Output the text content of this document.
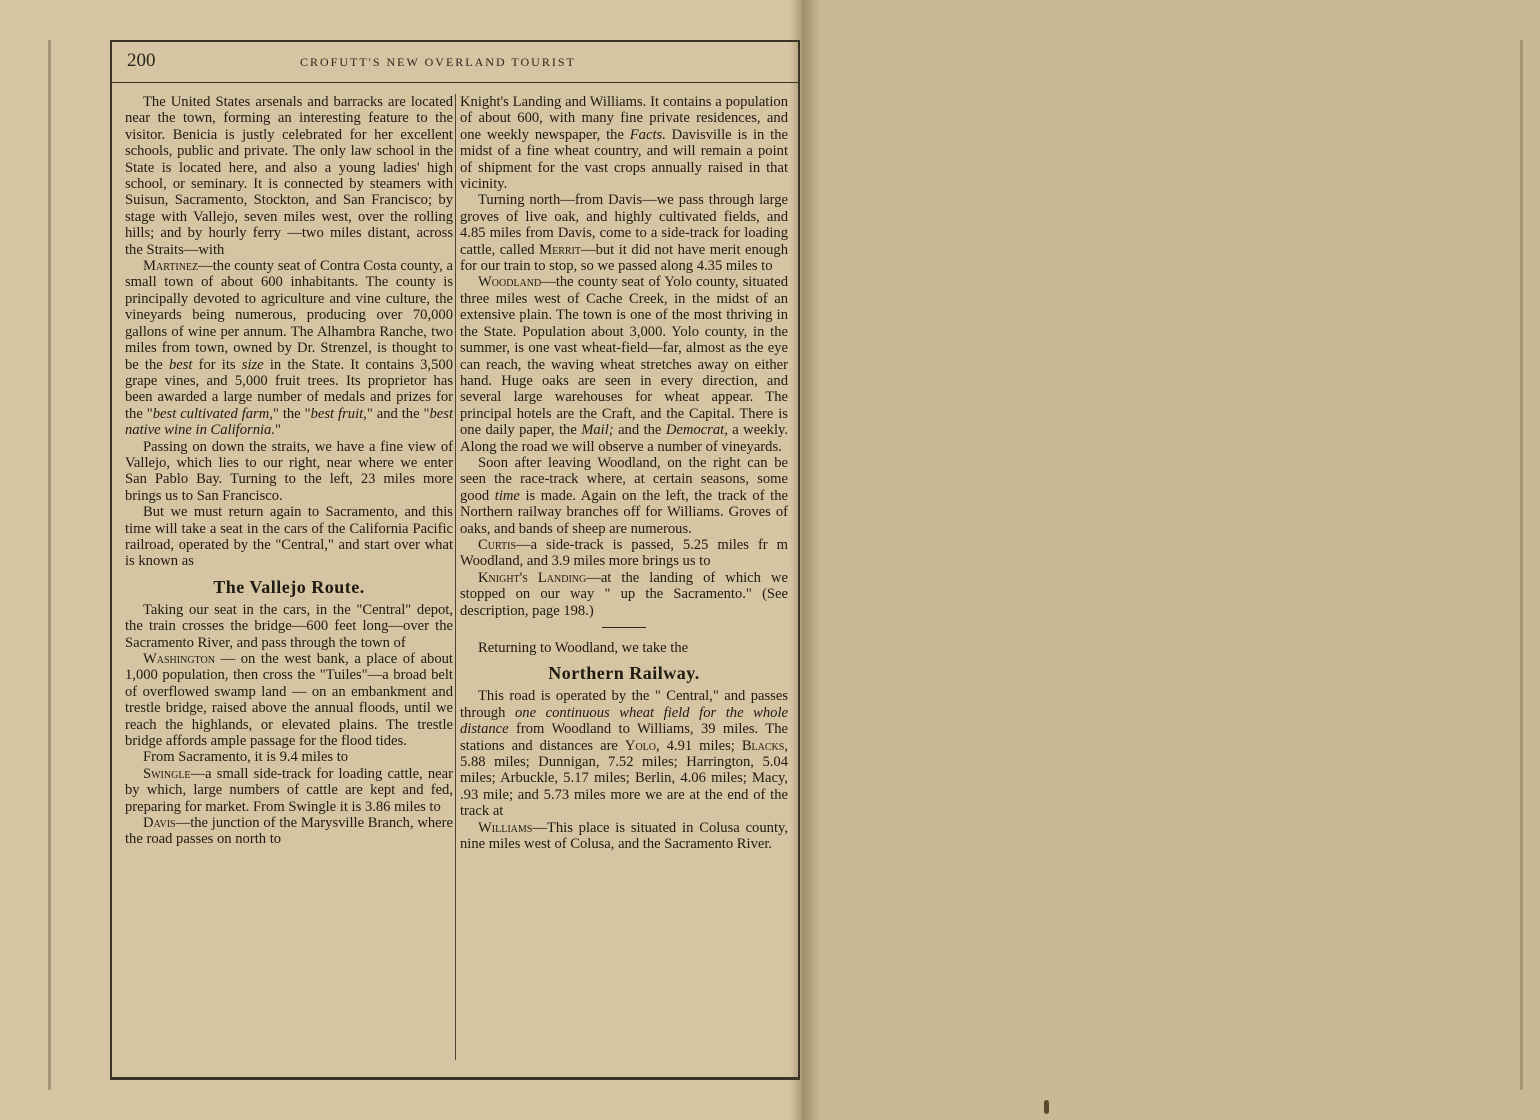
200	CROFUTT'S NEW OVERLAND TOURIST

The United States arsenals and barracks are located near the town, forming an interesting feature to the visitor. Benicia is justly celebrated for her excellent schools, public and private. The only law school in the State is located here, and also a young ladies' high school, or seminary. It is connected by steamers with Suisun, Sacramento, Stockton, and San Francisco; by stage with Vallejo, seven miles west, over the rolling hills; and by hourly ferry —two miles distant, across the Straits—with

Martinez—the county seat of Contra Costa county, a small town of about 600 inhabitants. The county is principally devoted to agriculture and vine culture, the vineyards being numerous, producing over 70,000 gallons of wine per annum. The Alhambra Ranche, two miles from town, owned by Dr. Strenzel, is thought to be the best for its size in the State. It contains 3,500 grape vines, and 5,000 fruit trees. Its proprietor has been awarded a large number of medals and prizes for the "best cultivated farm," the "best fruit," and the "best native wine in California."

Passing on down the straits, we have a fine view of Vallejo, which lies to our right, near where we enter San Pablo Bay. Turning to the left, 23 miles more brings us to San Francisco.

But we must return again to Sacramento, and this time will take a seat in the cars of the California Pacific railroad, operated by the "Central," and start over what is known as

The Vallejo Route.

Taking our seat in the cars, in the "Central" depot, the train crosses the bridge—600 feet long—over the Sacramento River, and pass through the town of

Washington — on the west bank, a place of about 1,000 population, then cross the "Tuiles"—a broad belt of overflowed swamp land — on an embankment and trestle bridge, raised above the annual floods, until we reach the highlands, or elevated plains. The trestle bridge affords ample passage for the flood tides.

From Sacramento, it is 9.4 miles to

Swingle—a small side-track for loading cattle, near by which, large numbers of cattle are kept and fed, preparing for market. From Swingle it is 3.86 miles to

Davis—the junction of the Marysville Branch, where the road passes on north to

Knight's Landing and Williams. It contains a population of about 600, with many fine private residences, and one weekly newspaper, the Facts. Davisville is in the midst of a fine wheat country, and will remain a point of shipment for the vast crops annually raised in that vicinity.

Turning north—from Davis—we pass through large groves of live oak, and highly cultivated fields, and 4.85 miles from Davis, come to a side-track for loading cattle, called Merrit—but it did not have merit enough for our train to stop, so we passed along 4.35 miles to

Woodland—the county seat of Yolo county, situated three miles west of Cache Creek, in the midst of an extensive plain. The town is one of the most thriving in the State. Population about 3,000. Yolo county, in the summer, is one vast wheat-field—far, almost as the eye can reach, the waving wheat stretches away on either hand. Huge oaks are seen in every direction, and several large warehouses for wheat appear. The principal hotels are the Craft, and the Capital. There is one daily paper, the Mail; and the Democrat, a weekly. Along the road we will observe a number of vineyards.

Soon after leaving Woodland, on the right can be seen the race-track where, at certain seasons, some good time is made. Again on the left, the track of the Northern railway branches off for Williams. Groves of oaks, and bands of sheep are numerous.

Curtis—a side-track is passed, 5.25 miles fr m Woodland, and 3.9 miles more brings us to

Knight's Landing—at the landing of which we stopped on our way " up the Sacramento." (See description, page 198.)

Returning to Woodland, we take the

Northern Railway.

This road is operated by the " Central," and passes through one continuous wheat field for the whole distance from Woodland to Williams, 39 miles. The stations and distances are Yolo, 4.91 miles; Blacks, 5.88 miles; Dunnigan, 7.52 miles; Harrington, 5.04 miles; Arbuckle, 5.17 miles; Berlin, 4.06 miles; Macy, .93 mile; and 5.73 miles more we are at the end of the track at

Williams—This place is situated in Colusa county, nine miles west of Colusa, and the Sacramento River.
